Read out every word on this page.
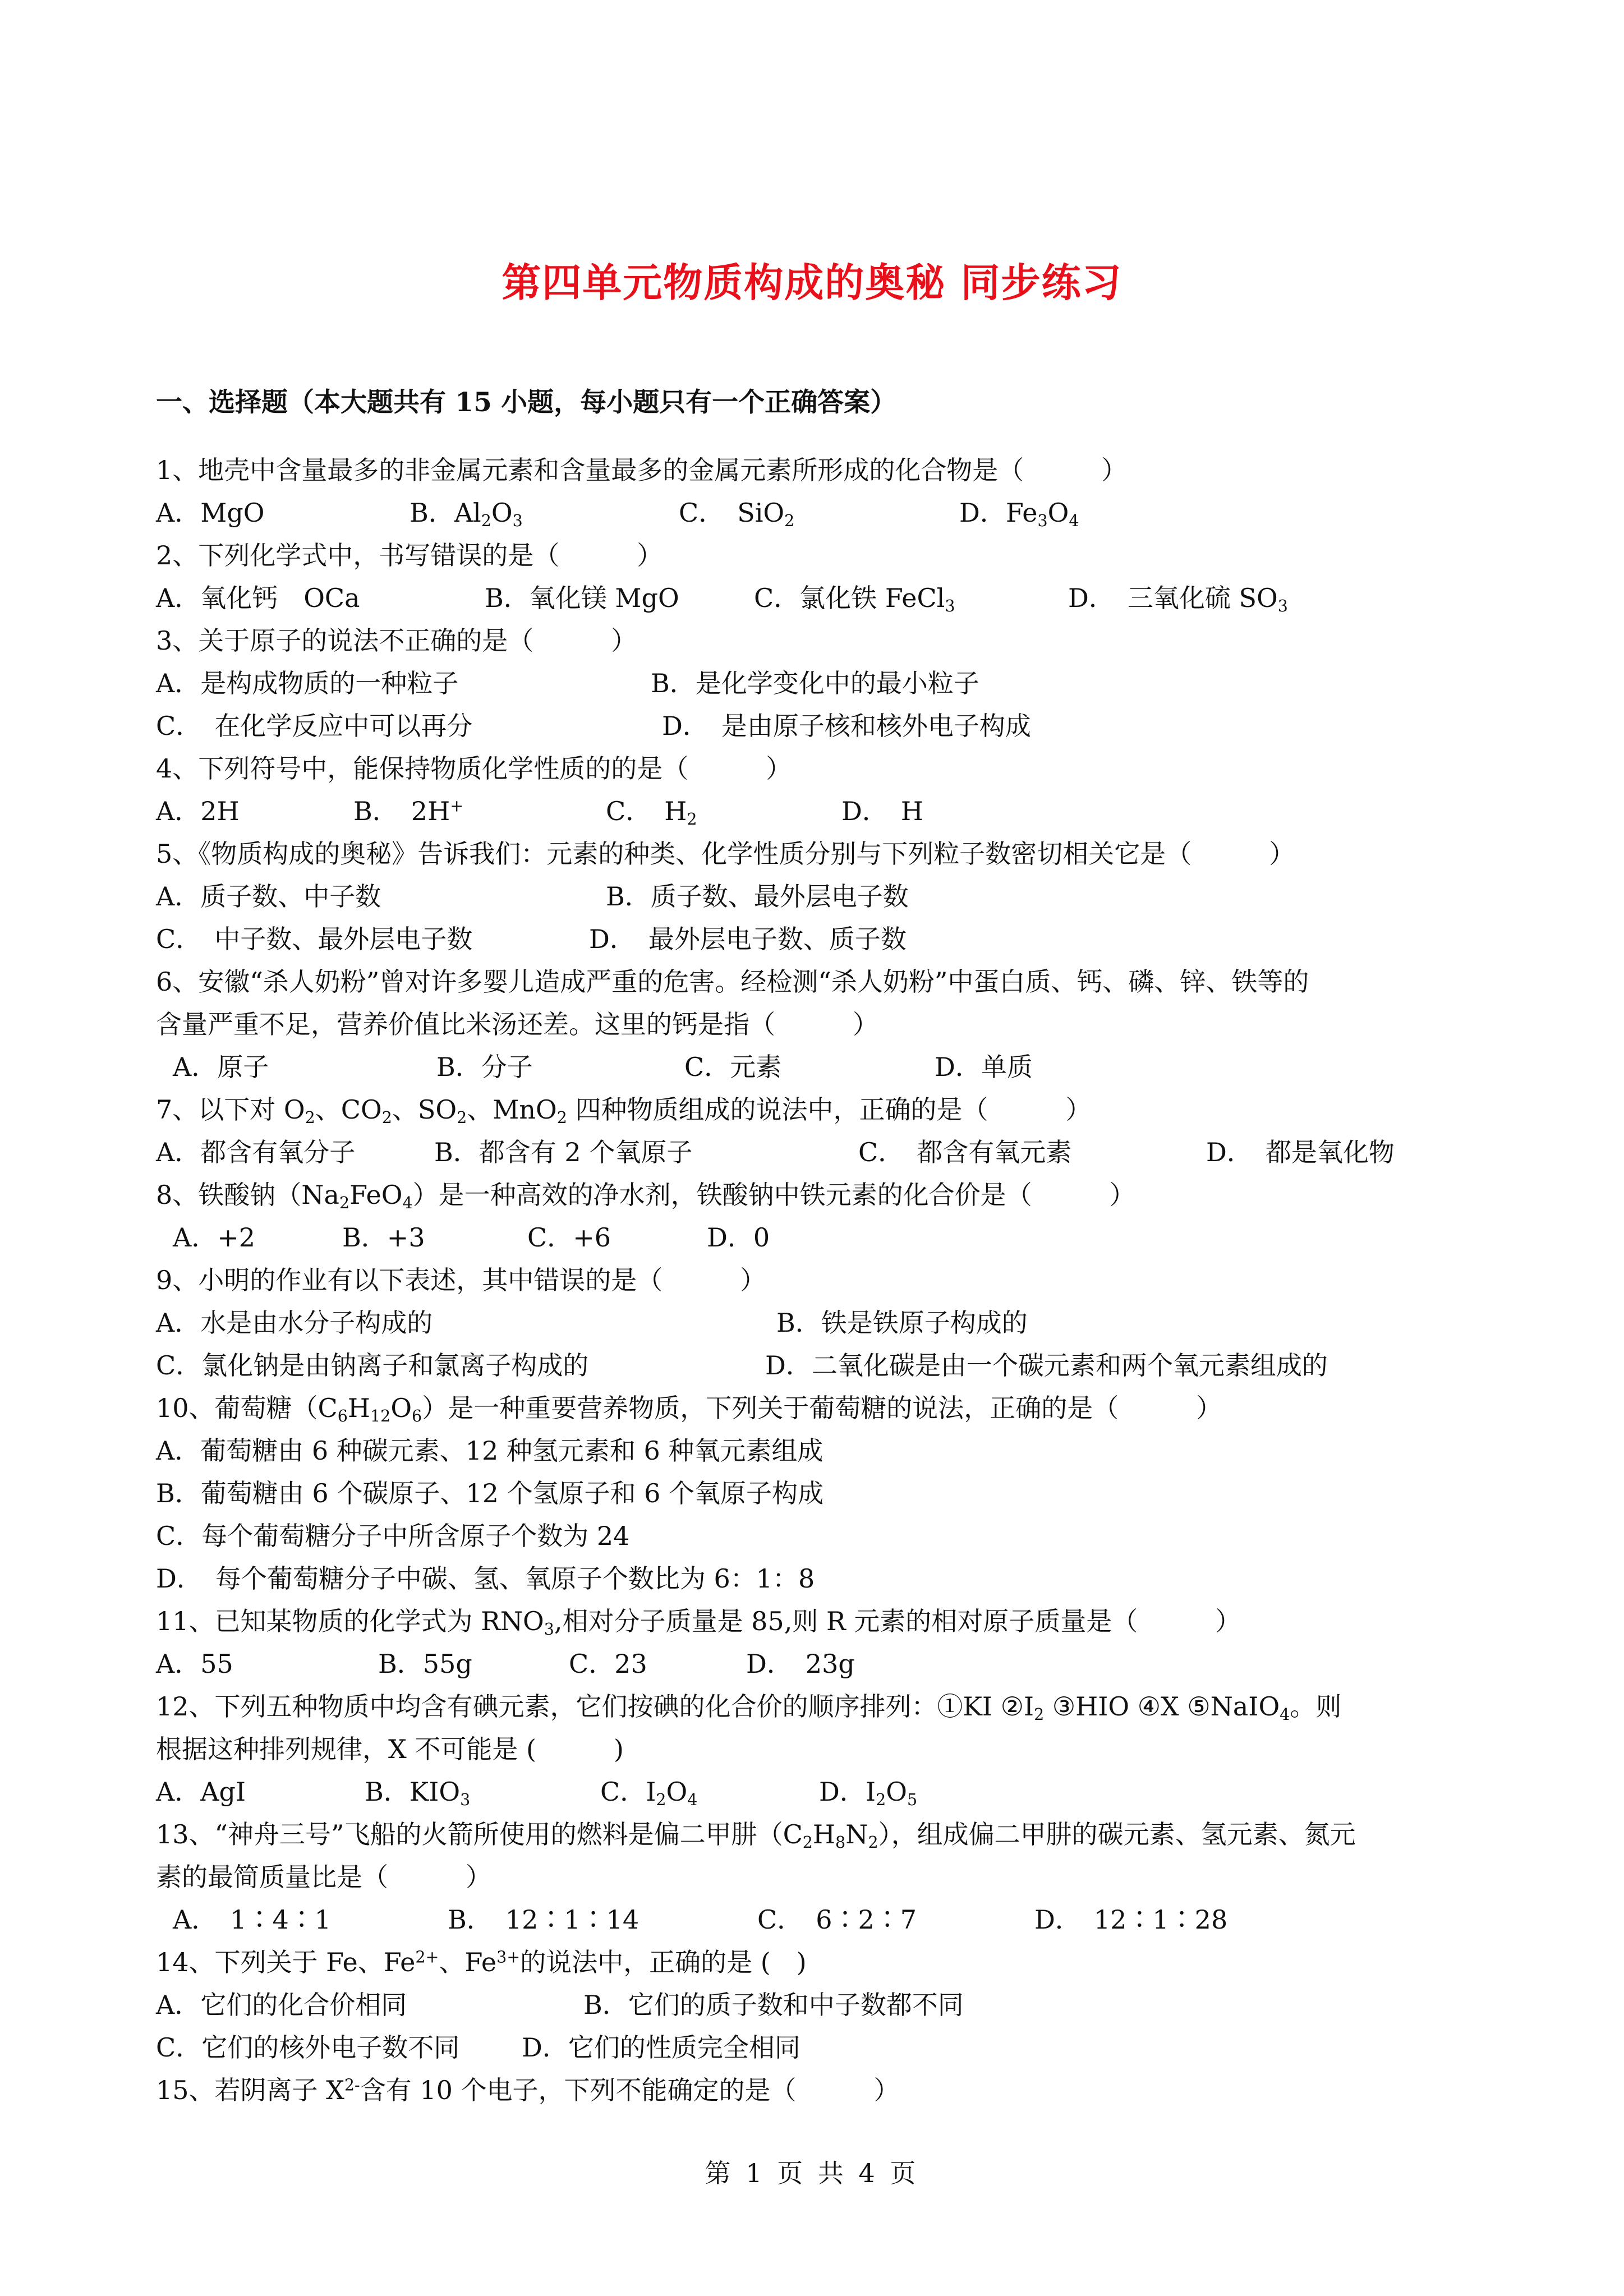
第四单元物质构成的奥秘 同步练习
一、选择题（本大题共有 15 小题，每小题只有一个正确答案）
1、地壳中含量最多的非金属元素和含量最多的金属元素所形成的化合物是（　　　）
A．MgO	B．$Al_2O_3$	C．　SiO$_2$	D．$Fe_3O_4$
2、下列化学式中，书写错误的是（　　　）
A．氧化钙　OCa	B．氧化镁 MgO	C．氯化铁 FeCl$_3$	D．　三氧化硫 $SO_3$
3、关于原子的说法不正确的是（　　　）
A．是构成物质的一种粒子	B．是化学变化中的最小粒子
C．　在化学反应中可以再分	D．　是由原子核和核外电子构成
4、下列符号中，能保持物质化学性质的的是（　　　）
A．2H	B．　2H+	C．　$H_2$	D．　H
5、《物质构成的奥秘》告诉我们：元素的种类、化学性质分别与下列粒子数密切相关它是（　　　）
A．质子数、中子数	B．质子数、最外层电子数
C．　中子数、最外层电子数	D．　最外层电子数、质子数
6、安徽“杀人奶粉”曾对许多婴儿造成严重的危害。经检测“杀人奶粉”中蛋白质、钙、磷、锌、铁等的
含量严重不足，营养价值比米汤还差。这里的钙是指（　　　）
A．原子	B．分子	C．元素	D．单质
7、以下对 $O_2$、$CO_2$、$SO_2$、MnO$_2$ 四种物质组成的说法中，正确的是（　　　）
A．都含有氧分子	B．都含有 2 个氧原子	C．　都含有氧元素	D．　都是氧化物
8、铁酸钠$(Na_2FeO_4)$是一种高效的净水剂，铁酸钠中铁元素的化合价是（　　　）
A．+2	B．+3	C．+6	D．0
9、小明的作业有以下表述，其中错误的是（　　　）
A．水是由水分子构成的	B．铁是铁原子构成的
C．氯化钠是由钠离子和氯离子构成的	D．二氧化碳是由一个碳元素和两个氧元素组成的
10、葡萄糖$(C_6H_{12}O_6)$是一种重要营养物质，下列关于葡萄糖的说法，正确的是（　　　）
A．葡萄糖由 6 种碳元素、12 种氢元素和 6 种氧元素组成
B．葡萄糖由 6 个碳原子、12 个氢原子和 6 个氧原子构成
C．每个葡萄糖分子中所含原子个数为 24
D．　每个葡萄糖分子中碳、氢、氧原子个数比为 6：1：8
11、已知某物质的化学式为 $RNO_3$,相对分子质量是 85,则 R 元素的相对原子质量是（　　　）
A．55	B．55g	C．23	D．　23g
12、下列五种物质中均含有碘元素，它们按碘的化合价的顺序排列：①KI $②I_2$ ③HIO ④X ⑤NaIO$_4$。则
根据这种排列规律，X 不可能是 (　　　)
A．AgI	B．$KIO_3$	C．$I_2O_4$	D．$I_2O_5$
13、“神舟三号”飞船的火箭所使用的燃料是偏二甲肼$(C_2H_8N_2)$，组成偏二甲肼的碳元素、氢元素、氮元
素的最简质量比是（　　　）
A．　1∶4∶1	B．　12∶1∶14	C．　6∶2∶7	D．　12∶1∶28
14、下列关于 Fe、$Fe^{2+}$、$Fe^{3+}$的说法中，正确的是 (　)
A．它们的化合价相同	B．它们的质子数和中子数都不同
C．它们的核外电子数不同 D．它们的性质完全相同
15、若阴离子 $X^{2-}$含有 10 个电子，下列不能确定的是（　　　）
第 1 页 共 4 页
